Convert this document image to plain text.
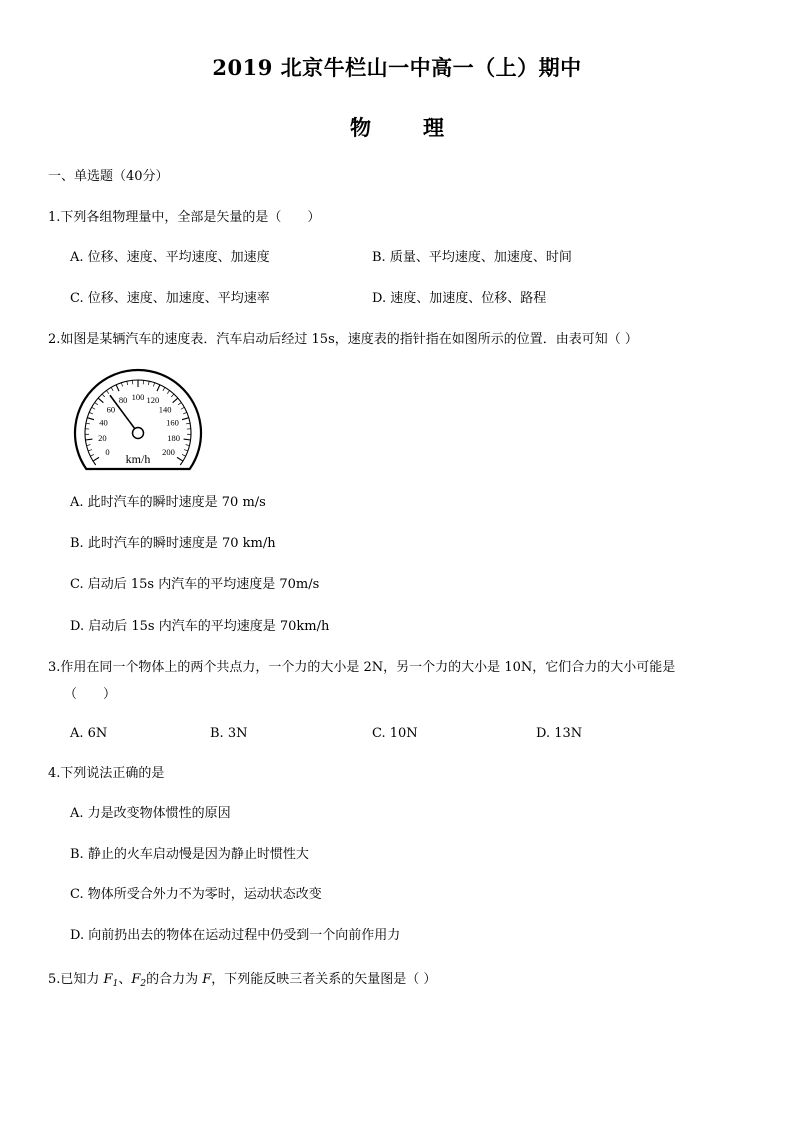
2019 北京牛栏山一中高一（上）期中
物 理
一、单选题（40分）
1.下列各组物理量中，全部是矢量的是（　　）
A. 位移、速度、平均速度、加速度	B. 质量、平均速度、加速度、时间
C. 位移、速度、加速度、平均速率	D. 速度、加速度、位移、路程
2.如图是某辆汽车的速度表．汽车启动后经过 15s，速度表的指针指在如图所示的位置．由表可知（ ）
0
20
40
60
80 100 120
140
160
180
200
km/h
A. 此时汽车的瞬时速度是 70 m/s
B. 此时汽车的瞬时速度是 70 km/h
C. 启动后 15s 内汽车的平均速度是 70m/s
D. 启动后 15s 内汽车的平均速度是 70km/h
3.作用在同一个物体上的两个共点力，一个力的大小是 2N，另一个力的大小是 10N，它们合力的大小可能是
（　　）
A. 6N	B. 3N	C. 10N	D. 13N
4.下列说法正确的是
A. 力是改变物体惯性的原因
B. 静止的火车启动慢是因为静止时惯性大
C. 物体所受合外力不为零时，运动状态改变
D. 向前扔出去的物体在运动过程中仍受到一个向前作用力
5.已知力 $F_1$、$F_2$的合力为 F，下列能反映三者关系的矢量图是（ ）
